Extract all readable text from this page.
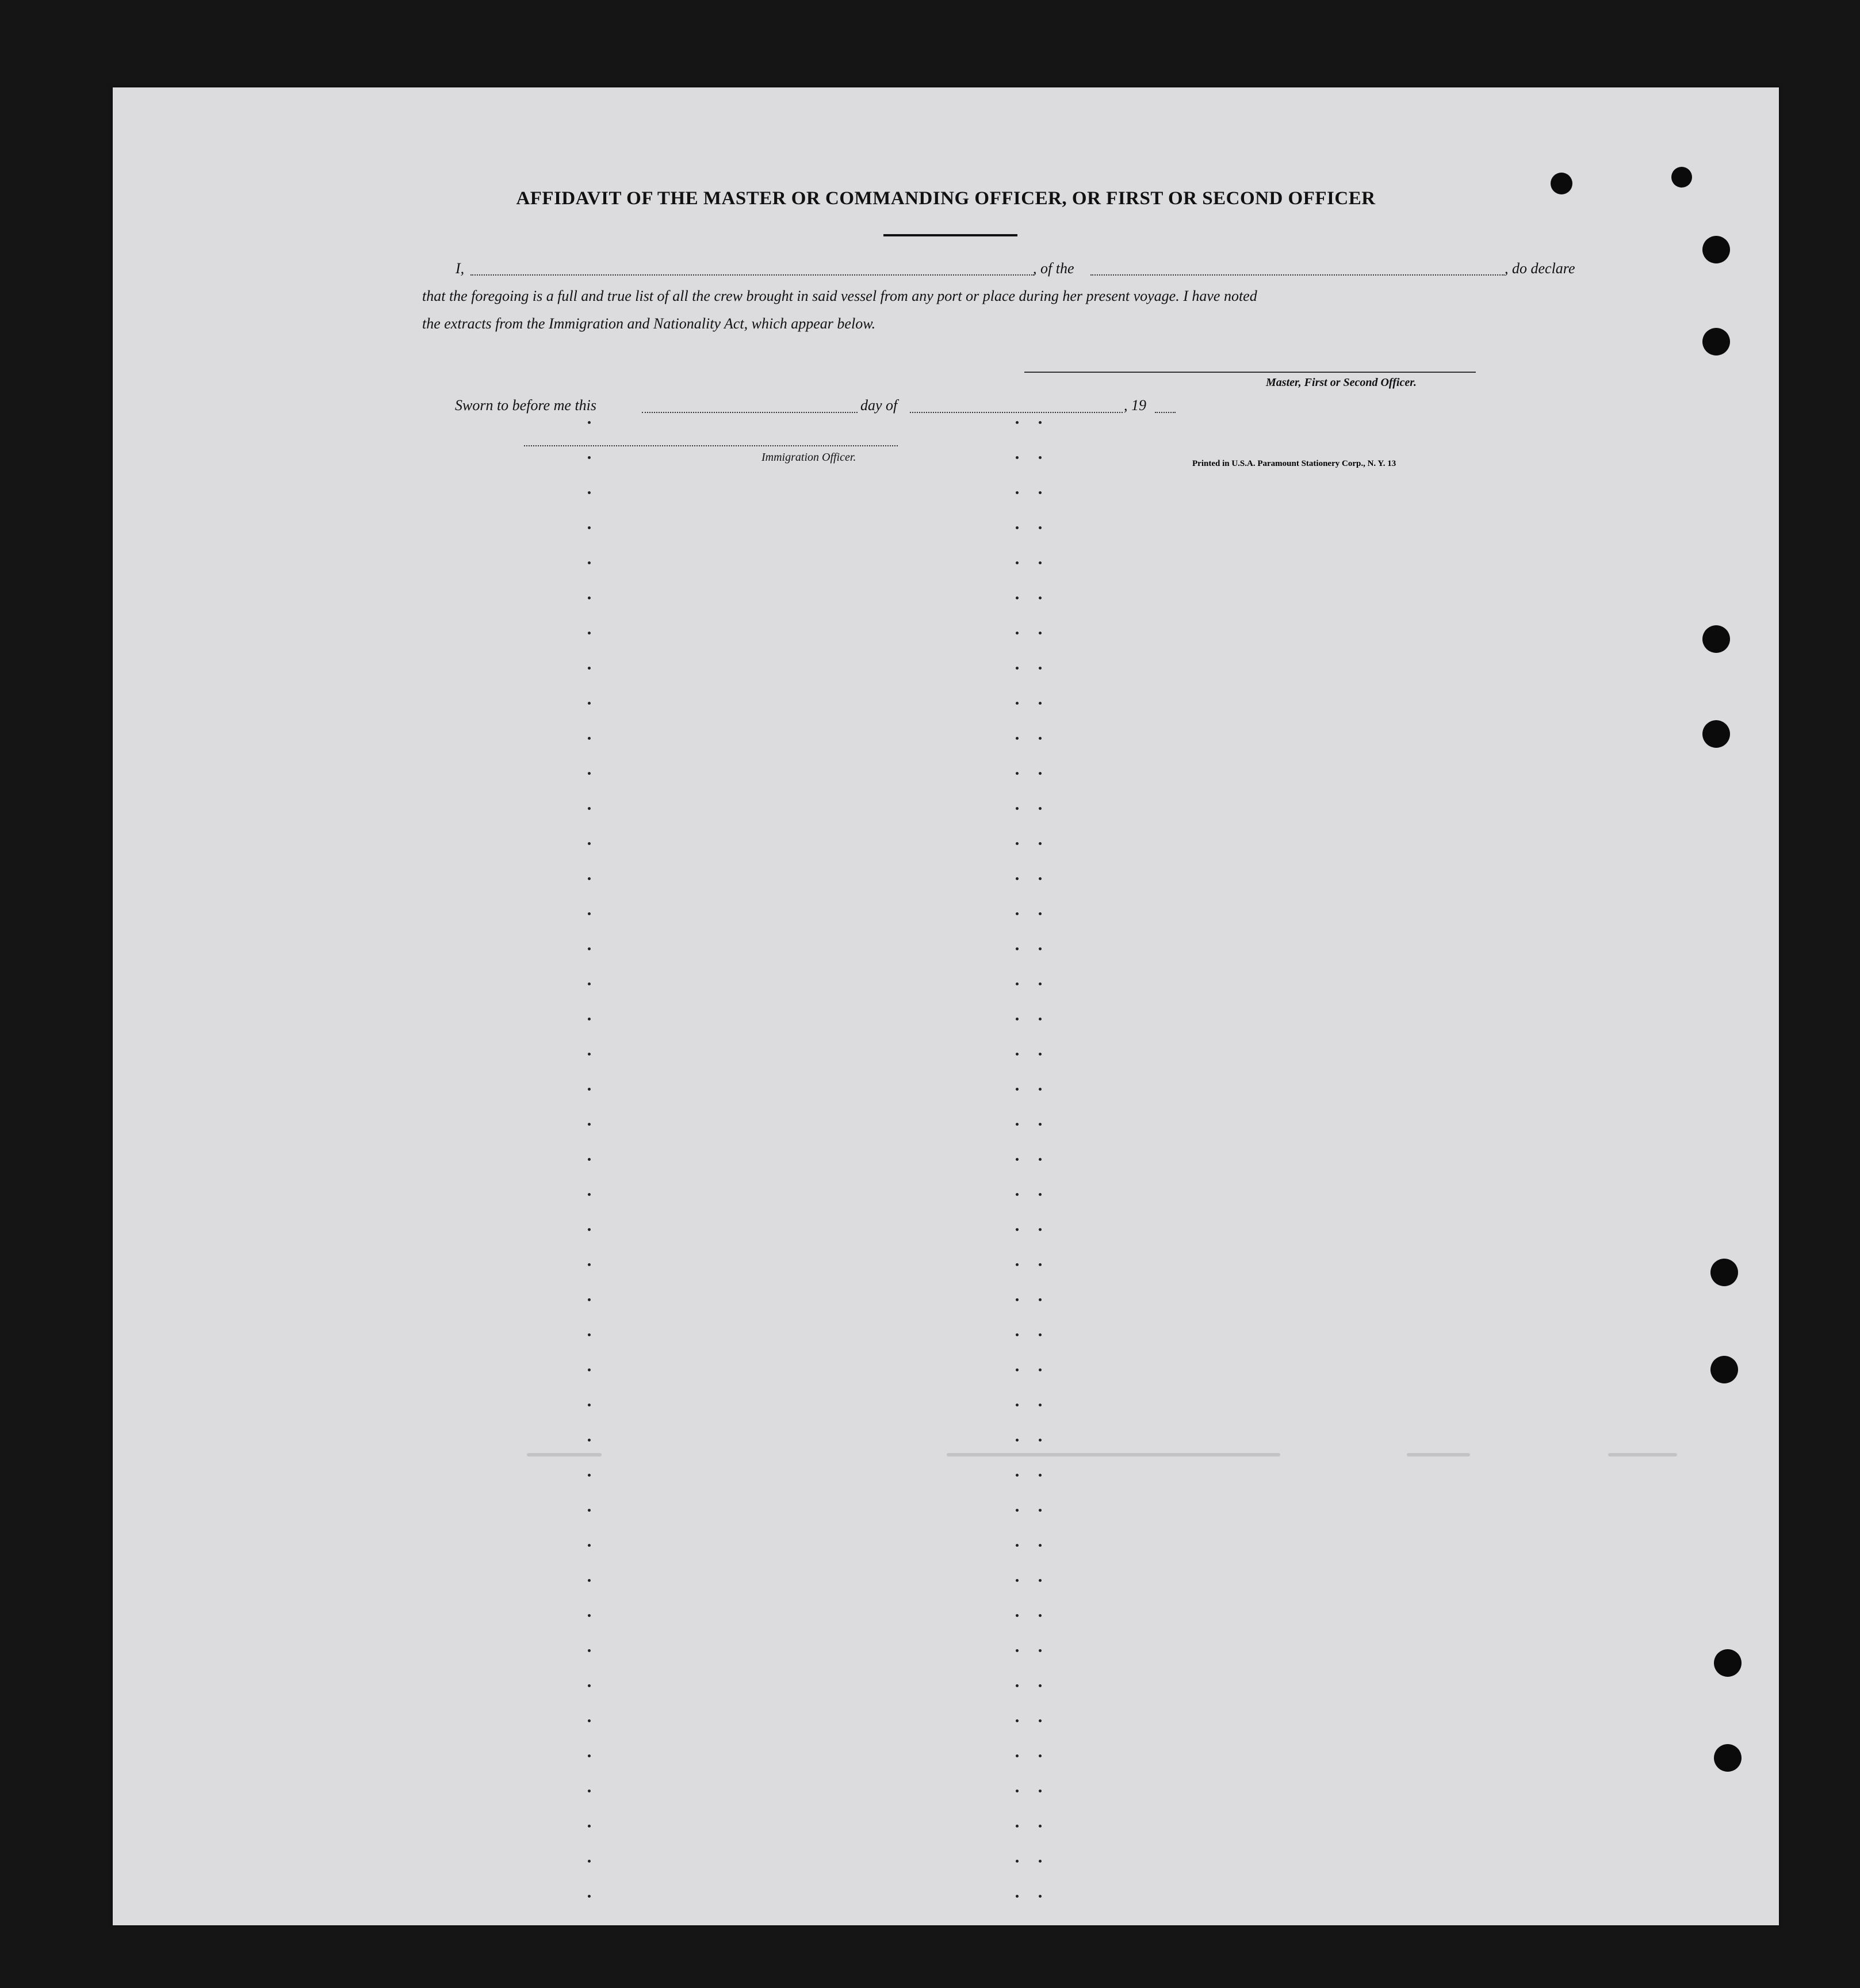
AFFIDAVIT OF THE MASTER OR COMMANDING OFFICER, OR FIRST OR SECOND OFFICER
I,	, of the	, do declare
that the foregoing is a full and true list of all the crew brought in said vessel from any port or place during her present voyage. I have noted
the extracts from the Immigration and Nationality Act, which appear below.
Master, First or Second Officer.
Sworn to before me this	day of	, 19
Immigration Officer.	Printed in U.S.A. Paramount Stationery Corp., N. Y. 13
